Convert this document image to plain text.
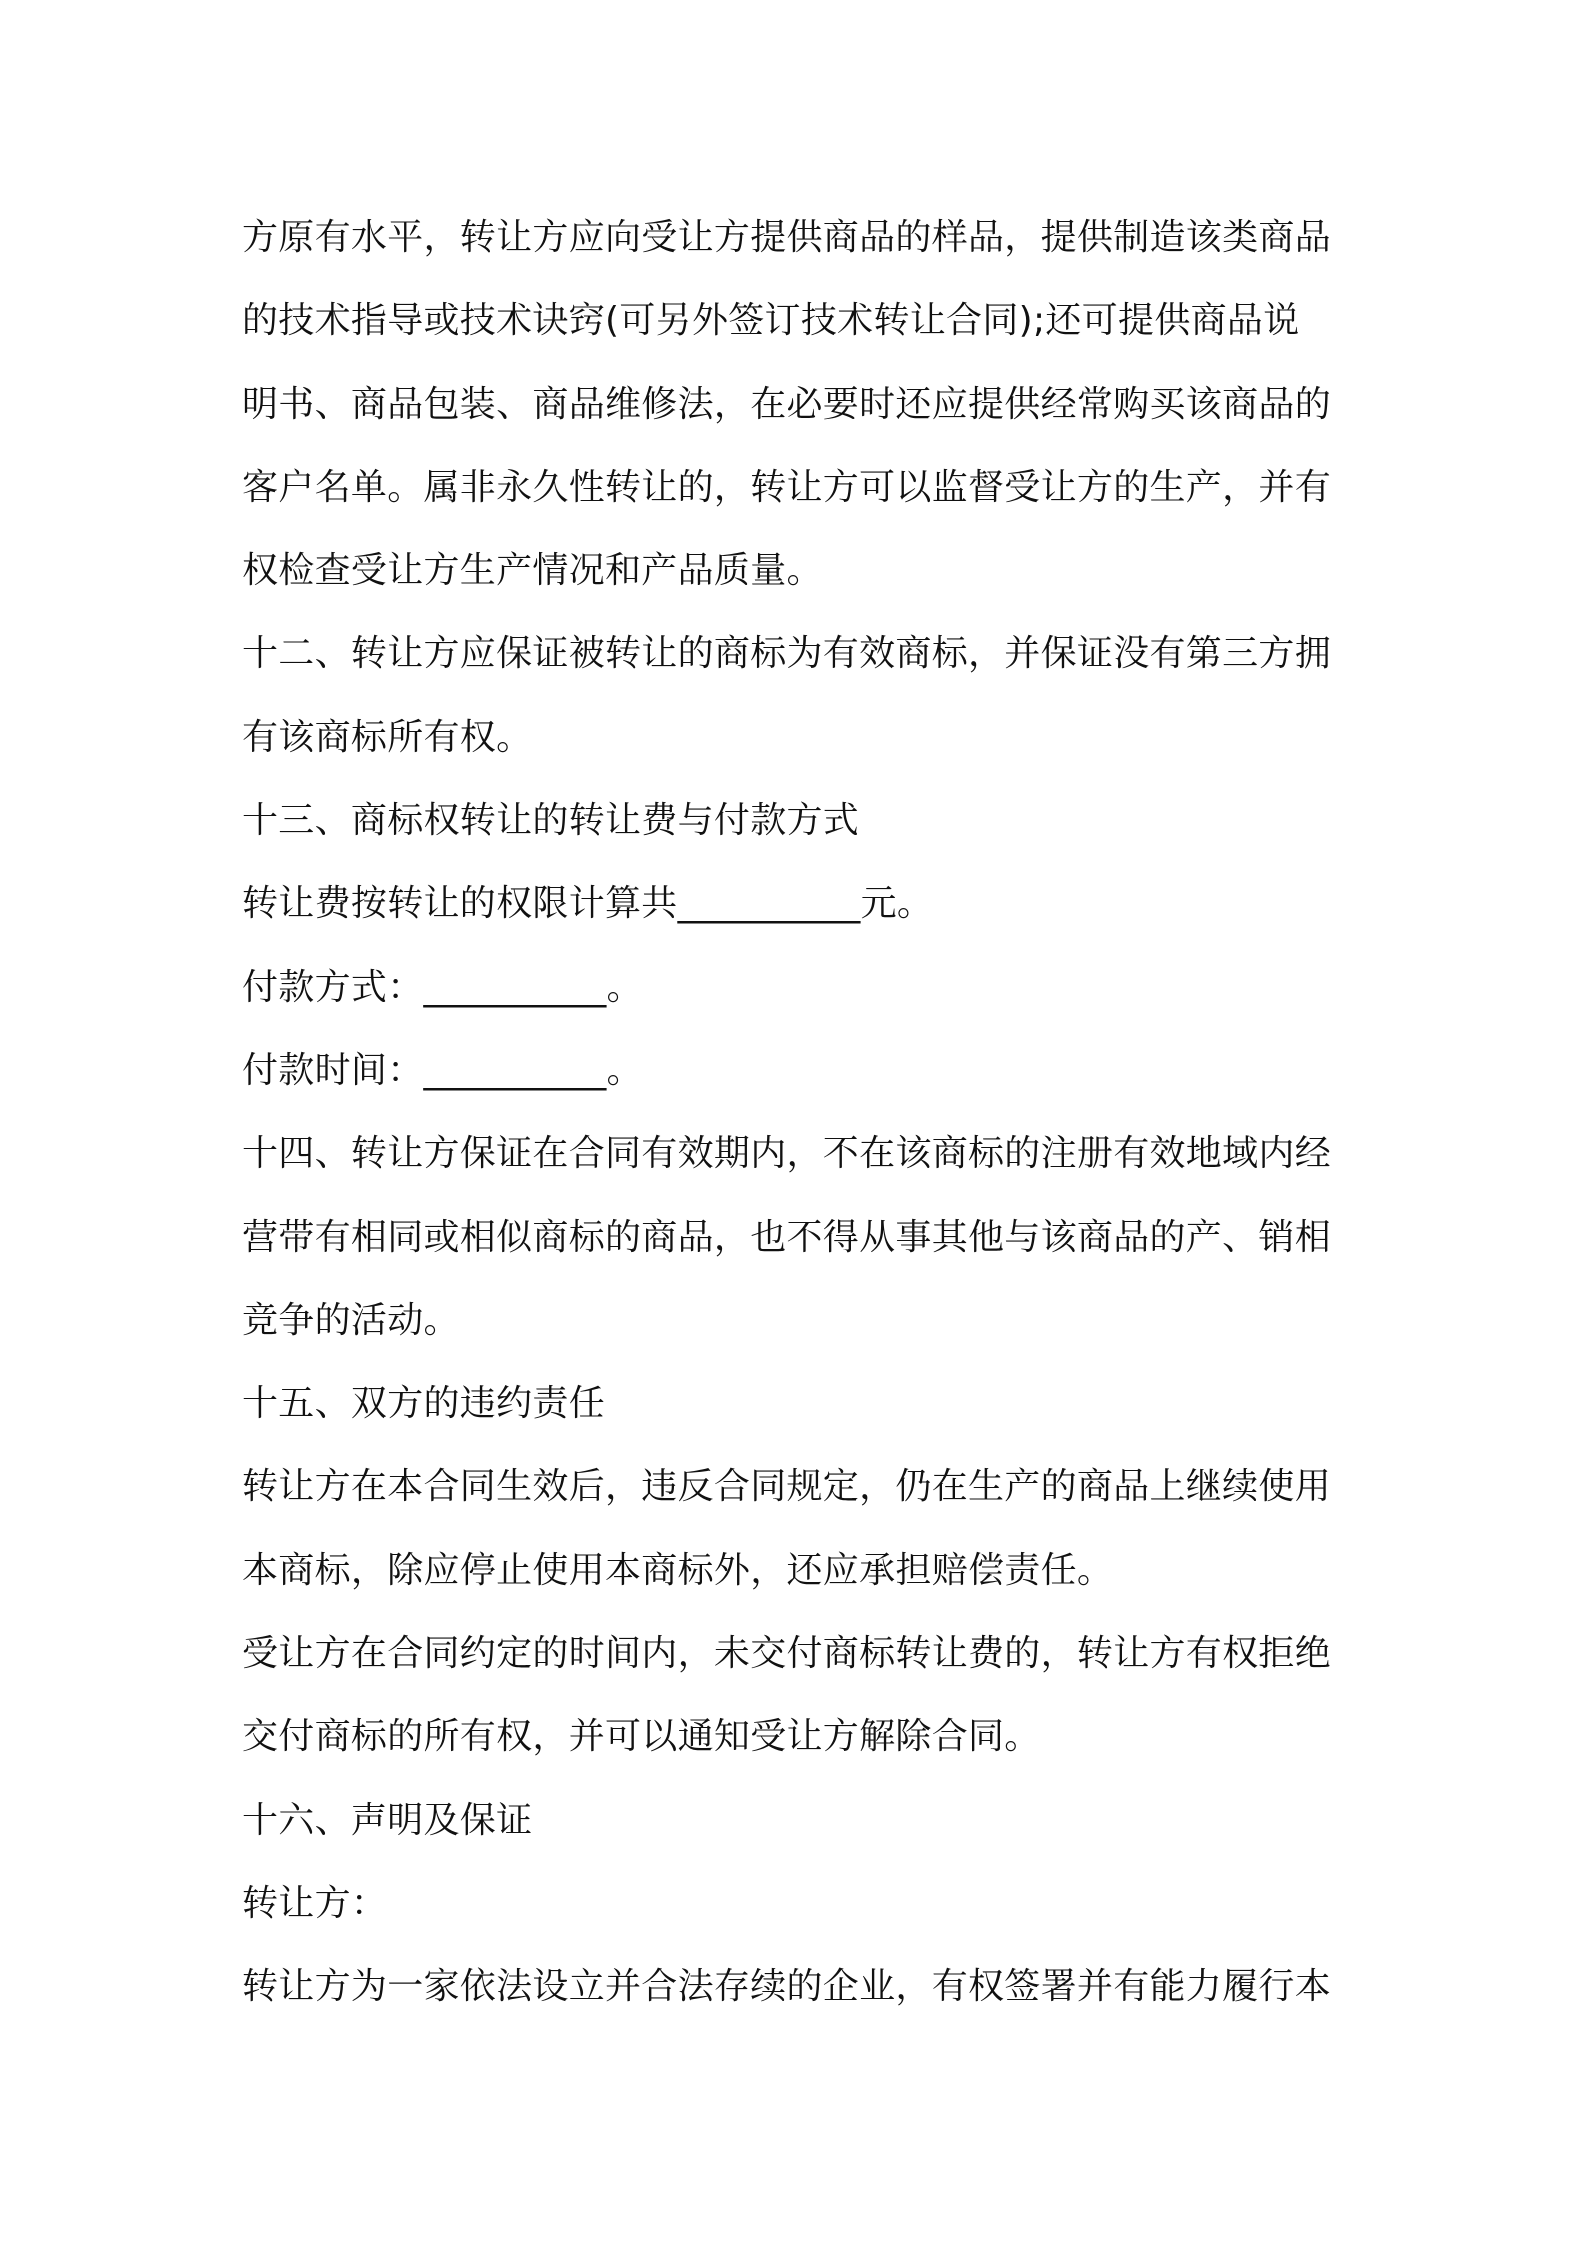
方原有水平，转让方应向受让方提供商品的样品，提供制造该类商品

的技术指导或技术诀窍(可另外签订技术转让合同);还可提供商品说

明书、商品包装、商品维修法，在必要时还应提供经常购买该商品的

客户名单。属非永久性转让的，转让方可以监督受让方的生产，并有

权检查受让方生产情况和产品质量。

十二、转让方应保证被转让的商标为有效商标，并保证没有第三方拥

有该商标所有权。

十三、商标权转让的转让费与付款方式

转让费按转让的权限计算共__________元。

付款方式：__________。

付款时间：__________。

十四、转让方保证在合同有效期内，不在该商标的注册有效地域内经

营带有相同或相似商标的商品，也不得从事其他与该商品的产、销相

竞争的活动。

十五、双方的违约责任

转让方在本合同生效后，违反合同规定，仍在生产的商品上继续使用

本商标，除应停止使用本商标外，还应承担赔偿责任。

受让方在合同约定的时间内，未交付商标转让费的，转让方有权拒绝

交付商标的所有权，并可以通知受让方解除合同。

十六、声明及保证

转让方：

转让方为一家依法设立并合法存续的企业，有权签署并有能力履行本
